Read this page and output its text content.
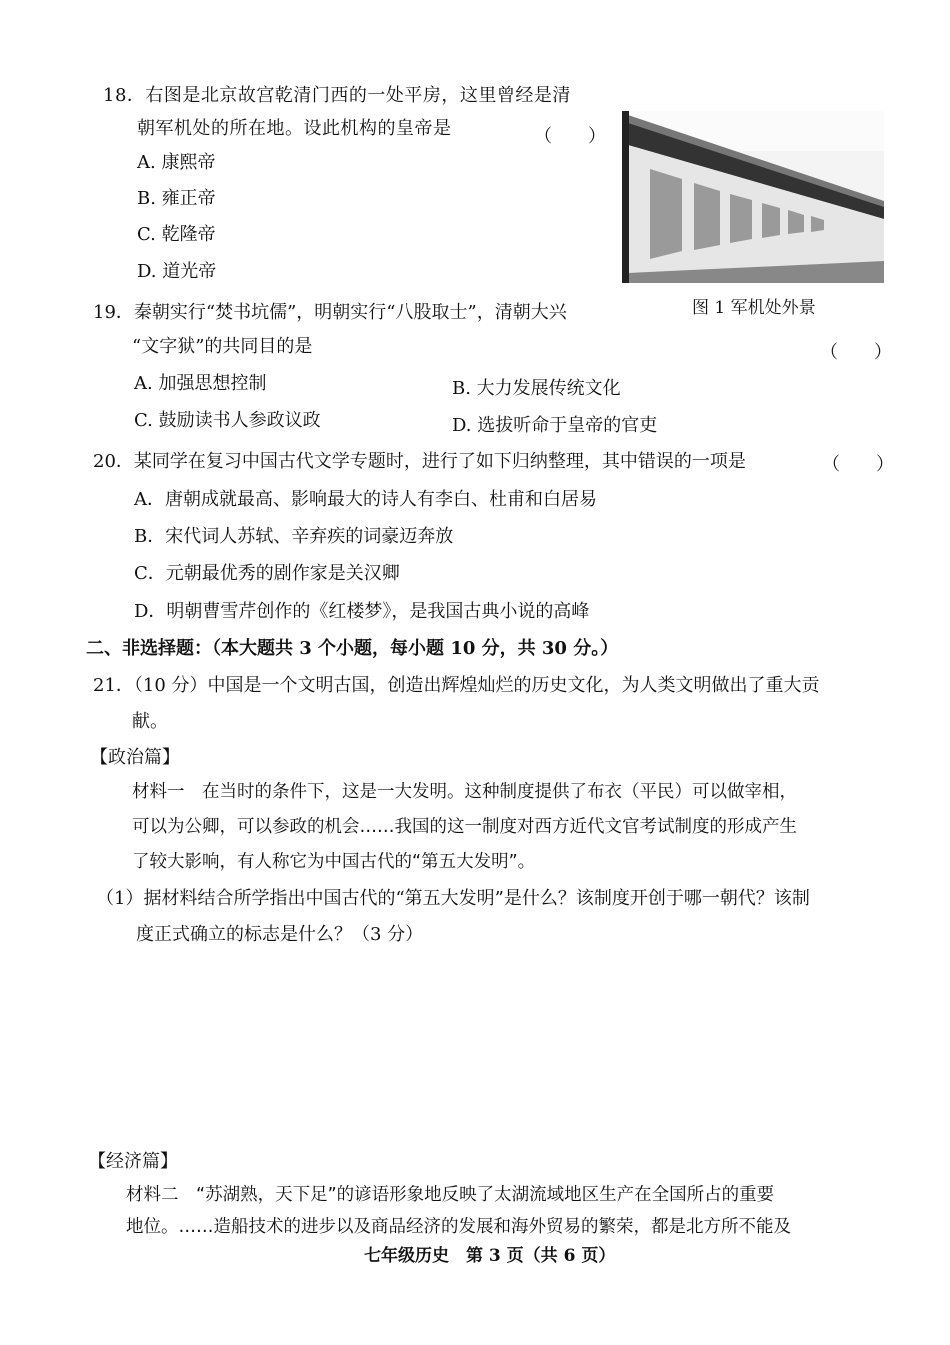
18．右图是北京故宫乾清门西的一处平房，这里曾经是清
朝军机处的所在地。设此机构的皇帝是	（　　）
A. 康熙帝
B. 雍正帝
C. 乾隆帝
D. 道光帝
图 1 军机处外景
19．秦朝实行“焚书坑儒”，明朝实行“八股取士”，清朝大兴
“文字狱”的共同目的是	（　　）
A. 加强思想控制	B. 大力发展传统文化
C. 鼓励读书人参政议政	D. 选拔听命于皇帝的官吏
20．某同学在复习中国古代文学专题时，进行了如下归纳整理，其中错误的一项是	（　　）
A．唐朝成就最高、影响最大的诗人有李白、杜甫和白居易
B．宋代词人苏轼、辛弃疾的词豪迈奔放
C．元朝最优秀的剧作家是关汉卿
D．明朝曹雪芹创作的《红楼梦》，是我国古典小说的高峰
二、非选择题：（本大题共 3 个小题，每小题 10 分，共 30 分。）
21．（10 分）中国是一个文明古国，创造出辉煌灿烂的历史文化，为人类文明做出了重大贡
献。
【政治篇】
材料一　在当时的条件下，这是一大发明。这种制度提供了布衣（平民）可以做宰相，
可以为公卿，可以参政的机会……我国的这一制度对西方近代文官考试制度的形成产生
了较大影响，有人称它为中国古代的“第五大发明”。
（1）据材料结合所学指出中国古代的“第五大发明”是什么？该制度开创于哪一朝代？该制
度正式确立的标志是什么？（3 分）
【经济篇】
材料二　“苏湖熟，天下足”的谚语形象地反映了太湖流域地区生产在全国所占的重要
地位。……造船技术的进步以及商品经济的发展和海外贸易的繁荣，都是北方所不能及
七年级历史　第 3 页（共 6 页）
